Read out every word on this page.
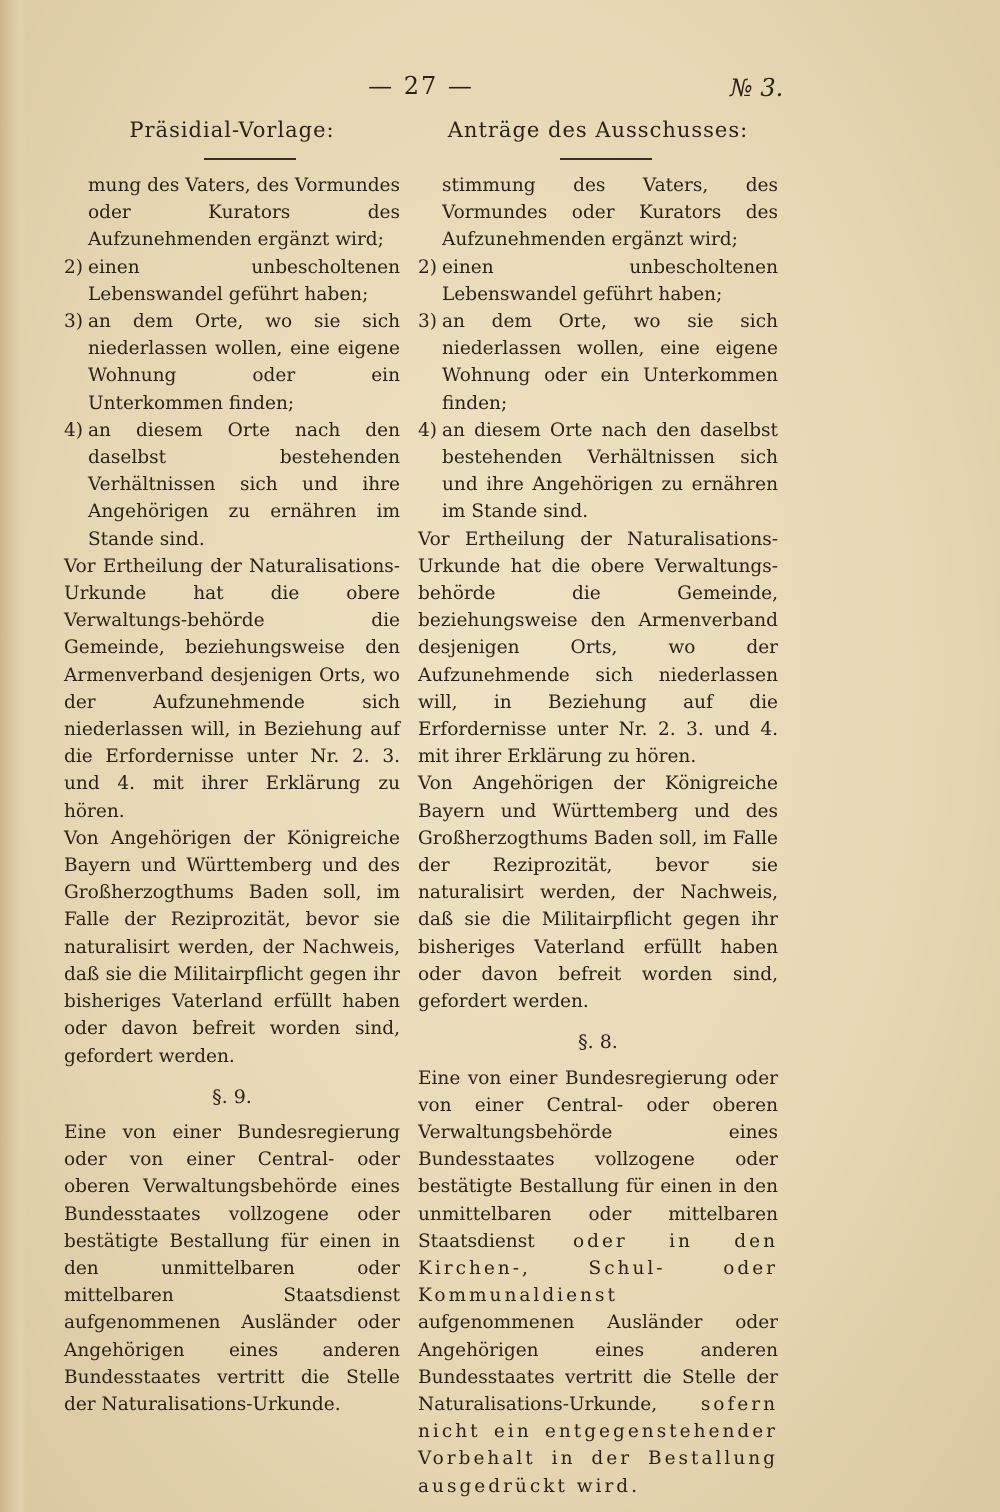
— 27 —	№ 3.
Präsidial-Vorlage:

mung des Vaters, des Vormundes oder Kurators des Aufzunehmenden ergänzt wird;

2) einen unbescholtenen Lebenswandel geführt haben;
3) an dem Orte, wo sie sich niederlassen wollen, eine eigene Wohnung oder ein Unterkommen finden;
4) an diesem Orte nach den daselbst bestehenden Verhältnissen sich und ihre Angehörigen zu ernähren im Stande sind.

Vor Ertheilung der Naturalisations-Urkunde hat die obere Verwaltungs-behörde die Gemeinde, beziehungsweise den Armenverband desjenigen Orts, wo der Aufzunehmende sich niederlassen will, in Beziehung auf die Erfordernisse unter Nr. 2. 3. und 4. mit ihrer Erklärung zu hören.

Von Angehörigen der Königreiche Bayern und Württemberg und des Großherzogthums Baden soll, im Falle der Reziprozität, bevor sie naturalisirt werden, der Nachweis, daß sie die Militairpflicht gegen ihr bisheriges Vaterland erfüllt haben oder davon befreit worden sind, gefordert werden.

§. 9.

Eine von einer Bundesregierung oder von einer Central- oder oberen Verwaltungsbehörde eines Bundesstaates vollzogene oder bestätigte Bestallung für einen in den unmittelbaren oder mittelbaren Staatsdienst aufgenommenen Ausländer oder Angehörigen eines anderen Bundesstaates vertritt die Stelle der Naturalisations-Urkunde.

Anträge des Ausschusses:

stimmung des Vaters, des Vormundes oder Kurators des Aufzunehmenden ergänzt wird;

2) einen unbescholtenen Lebenswandel geführt haben;
3) an dem Orte, wo sie sich niederlassen wollen, eine eigene Wohnung oder ein Unterkommen finden;
4) an diesem Orte nach den daselbst bestehenden Verhältnissen sich und ihre Angehörigen zu ernähren im Stande sind.

Vor Ertheilung der Naturalisations-Urkunde hat die obere Verwaltungs-behörde die Gemeinde, beziehungsweise den Armenverband desjenigen Orts, wo der Aufzunehmende sich niederlassen will, in Beziehung auf die Erfordernisse unter Nr. 2. 3. und 4. mit ihrer Erklärung zu hören.

Von Angehörigen der Königreiche Bayern und Württemberg und des Großherzogthums Baden soll, im Falle der Reziprozität, bevor sie naturalisirt werden, der Nachweis, daß sie die Militairpflicht gegen ihr bisheriges Vaterland erfüllt haben oder davon befreit worden sind, gefordert werden.

§. 8.

Eine von einer Bundesregierung oder von einer Central- oder oberen Verwaltungsbehörde eines Bundesstaates vollzogene oder bestätigte Bestallung für einen in den unmittelbaren oder mittelbaren Staatsdienst oder in den Kirchen-, Schul- oder Kommunaldienst aufgenommenen Ausländer oder Angehörigen eines anderen Bundesstaates vertritt die Stelle der Naturalisations-Urkunde, sofern nicht ein entgegenstehender Vorbehalt in der Bestallung ausgedrückt wird.
